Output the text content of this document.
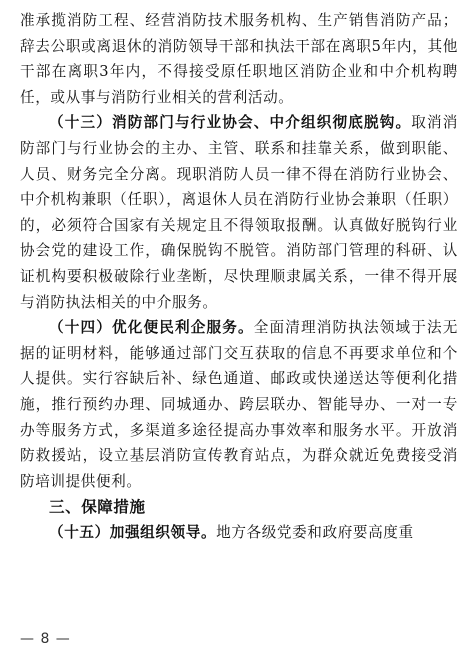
准承揽消防工程、经营消防技术服务机构、生产销售消防产品；辞去公职或离退休的消防领导干部和执法干部在离职5年内，其他干部在离职3年内，不得接受原任职地区消防企业和中介机构聘任，或从事与消防行业相关的营利活动。

（十三）消防部门与行业协会、中介组织彻底脱钩。取消消防部门与行业协会的主办、主管、联系和挂靠关系，做到职能、人员、财务完全分离。现职消防人员一律不得在消防行业协会、中介机构兼职（任职），离退休人员在消防行业协会兼职（任职）的，必须符合国家有关规定且不得领取报酬。认真做好脱钩行业协会党的建设工作，确保脱钩不脱管。消防部门管理的科研、认证机构要积极破除行业垄断，尽快理顺隶属关系，一律不得开展与消防执法相关的中介服务。

（十四）优化便民利企服务。全面清理消防执法领域于法无据的证明材料，能够通过部门交互获取的信息不再要求单位和个人提供。实行容缺后补、绿色通道、邮政或快递送达等便利化措施，推行预约办理、同城通办、跨层联办、智能导办、一对一专办等服务方式，多渠道多途径提高办事效率和服务水平。开放消防救援站，设立基层消防宣传教育站点，为群众就近免费接受消防培训提供便利。

三、保障措施

（十五）加强组织领导。地方各级党委和政府要高度重

— 8 —
